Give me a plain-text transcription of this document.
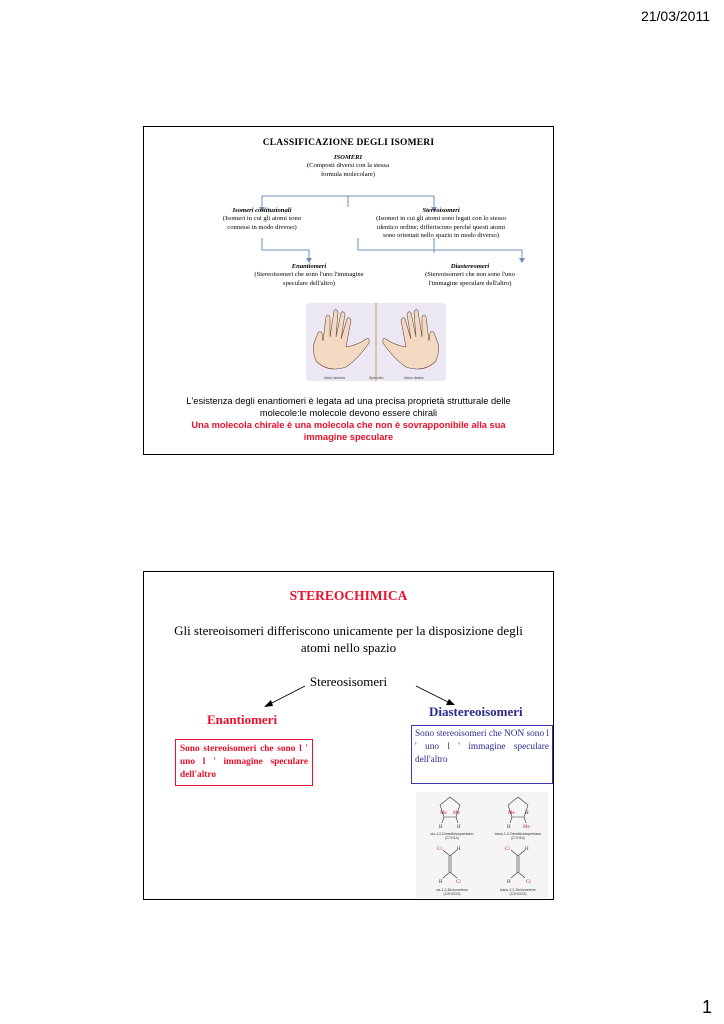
21/03/2011
CLASSIFICAZIONE DEGLI ISOMERI
ISOMERI
(Composti diversi con la stessa
formula molecolare)
Isomeri costituzionali
(Isomeri in cui gli atomi sono
connessi in modo diverso)
Stereoisomeri
(Isomeri in cui gli atomi sono legati con lo stesso
identico ordine; differiscono perché questi atomi
sono orientati nello spazio in modo diverso)
Enantiomeri
(Stereoisomeri che sono l'uno l'immagine
speculare dell'altro)
Diastereomeri
(Stereoisomeri che non sono l'uno
l'immagine speculare dell'altro)
Mano sinistra	Specchio	Mano destra
L'esistenza degli enantiomeri è legata ad una precisa proprietà strutturale delle
molecole:le molecole devono essere chirali
Una molecola chirale è una molecola che non è sovrapponibile alla sua
immagine speculare
STEREOCHIMICA
Gli stereoisomeri differiscono unicamente per la disposizione degli atomi nello spazio
Stereosisomeri
Enantiomeri
Diastereoisomeri
Sono stereoisomeri che sono l ' uno l ' immagine speculare dell'altro
Sono stereoisomeri che NON sono l ' uno l ' immagine speculare dell'altro
Me Me	Me
Me
Cl	Cl
Cl
Cl
H	H	H
H
H
H
H
H
cis-1,2-Dimetilciclopentano
(C7H14)
trans-1,2-Dimetilciclopentano
(C7H14)
cis-1,2-Dicloroetene
(C2H2Cl2)
trans-1,2-Dicloroetene
(C2H2Cl2)
1
